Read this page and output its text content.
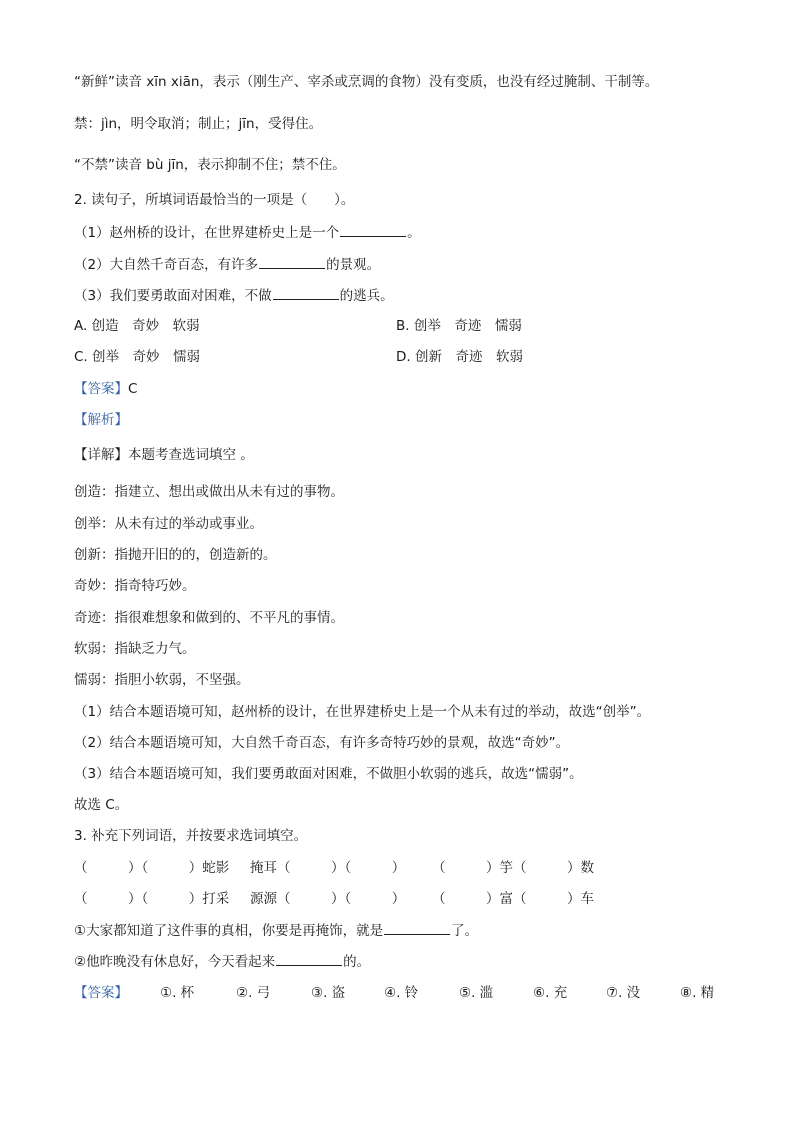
“新鲜”读音 xīn xiān，表示（刚生产、宰杀或烹调的食物）没有变质，也没有经过腌制、干制等。
禁：jìn，明令取消；制止；jīn，受得住。
“不禁”读音 bù jīn，表示抑制不住；禁不住。
2. 读句子，所填词语最恰当的一项是（　　）。
（1）赵州桥的设计，在世界建桥史上是一个	。
（2）大自然千奇百态，有许多	的景观。
（3）我们要勇敢面对困难，不做	的逃兵。
A. 创造　奇妙　软弱	B. 创举　奇迹　懦弱
C. 创举　奇妙　懦弱	D. 创新　奇迹　软弱
【答案】C
【解析】
【详解】本题考查选词填空 。
创造：指建立、想出或做出从未有过的事物。
创举：从未有过的举动或事业。
创新：指抛开旧的的，创造新的。
奇妙：指奇特巧妙。
奇迹：指很难想象和做到的、不平凡的事情。
软弱：指缺乏力气。
懦弱：指胆小软弱，不坚强。
（1）结合本题语境可知，赵州桥的设计，在世界建桥史上是一个从未有过的举动，故选“创举”。
（2）结合本题语境可知，大自然千奇百态，有许多奇特巧妙的景观，故选“奇妙”。
（3）结合本题语境可知，我们要勇敢面对困难，不做胆小软弱的逃兵，故选“懦弱”。
故选 C。
3. 补充下列词语，并按要求选词填空。
（　　　）（　　　）蛇影 掩耳（　　　）（　　　） （　　　）竽（　　　）数
（　　　）（　　　）打采 源源（　　　）（　　　） （　　　）富（　　　）车
①大家都知道了这件事的真相，你要是再掩饰，就是	了。
②他昨晚没有休息好，今天看起来	的。
【答案】 ①. 杯	②. 弓	③. 盗	④. 铃	⑤. 滥	⑥. 充	⑦. 没	⑧. 精
